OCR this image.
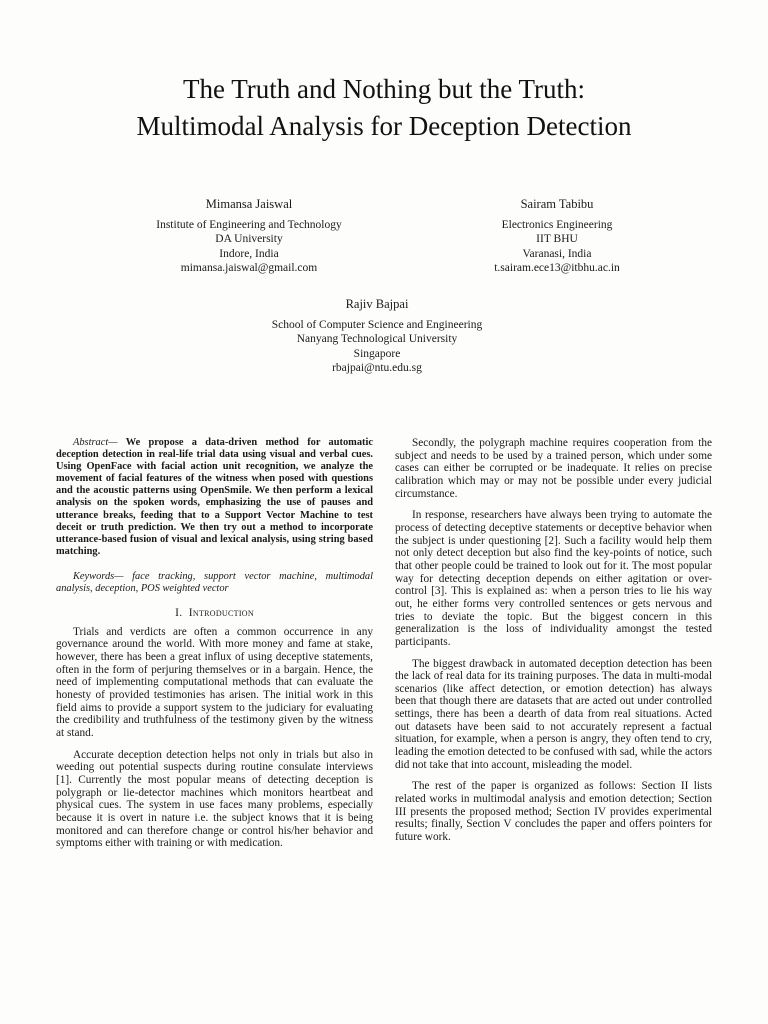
The Truth and Nothing but the Truth:
Multimodal Analysis for Deception Detection
Mimansa Jaiswal
Institute of Engineering and Technology
DA University
Indore, India
mimansa.jaiswal@gmail.com
Sairam Tabibu
Electronics Engineering
IIT BHU
Varanasi, India
t.sairam.ece13@itbhu.ac.in
Rajiv Bajpai
School of Computer Science and Engineering
Nanyang Technological University
Singapore
rbajpai@ntu.edu.sg
Abstract— We propose a data-driven method for automatic deception detection in real-life trial data using visual and verbal cues. Using OpenFace with facial action unit recognition, we analyze the movement of facial features of the witness when posed with questions and the acoustic patterns using OpenSmile. We then perform a lexical analysis on the spoken words, emphasizing the use of pauses and utterance breaks, feeding that to a Support Vector Machine to test deceit or truth prediction. We then try out a method to incorporate utterance-based fusion of visual and lexical analysis, using string based matching.
Keywords— face tracking, support vector machine, multimodal analysis, deception, POS weighted vector
I. Introduction

Trials and verdicts are often a common occurrence in any governance around the world. With more money and fame at stake, however, there has been a great influx of using deceptive statements, often in the form of perjuring themselves or in a bargain. Hence, the need of implementing computational methods that can evaluate the honesty of provided testimonies has arisen. The initial work in this field aims to provide a support system to the judiciary for evaluating the credibility and truthfulness of the testimony given by the witness at stand.

Accurate deception detection helps not only in trials but also in weeding out potential suspects during routine consulate interviews [1]. Currently the most popular means of detecting deception is polygraph or lie-detector machines which monitors heartbeat and physical cues. The system in use faces many problems, especially because it is overt in nature i.e. the subject knows that it is being monitored and can therefore change or control his/her behavior and symptoms either with training or with medication.

Secondly, the polygraph machine requires cooperation from the subject and needs to be used by a trained person, which under some cases can either be corrupted or be inadequate. It relies on precise calibration which may or may not be possible under every judicial circumstance.

In response, researchers have always been trying to automate the process of detecting deceptive statements or deceptive behavior when the subject is under questioning [2]. Such a facility would help them not only detect deception but also find the key-points of notice, such that other people could be trained to look out for it. The most popular way for detecting deception depends on either agitation or over-control [3]. This is explained as: when a person tries to lie his way out, he either forms very controlled sentences or gets nervous and tries to deviate the topic. But the biggest concern in this generalization is the loss of individuality amongst the tested participants.

The biggest drawback in automated deception detection has been the lack of real data for its training purposes. The data in multi-modal scenarios (like affect detection, or emotion detection) has always been that though there are datasets that are acted out under controlled settings, there has been a dearth of data from real situations. Acted out datasets have been said to not accurately represent a factual situation, for example, when a person is angry, they often tend to cry, leading the emotion detected to be confused with sad, while the actors did not take that into account, misleading the model.

The rest of the paper is organized as follows: Section II lists related works in multimodal analysis and emotion detection; Section III presents the proposed method; Section IV provides experimental results; finally, Section V concludes the paper and offers pointers for future work.
